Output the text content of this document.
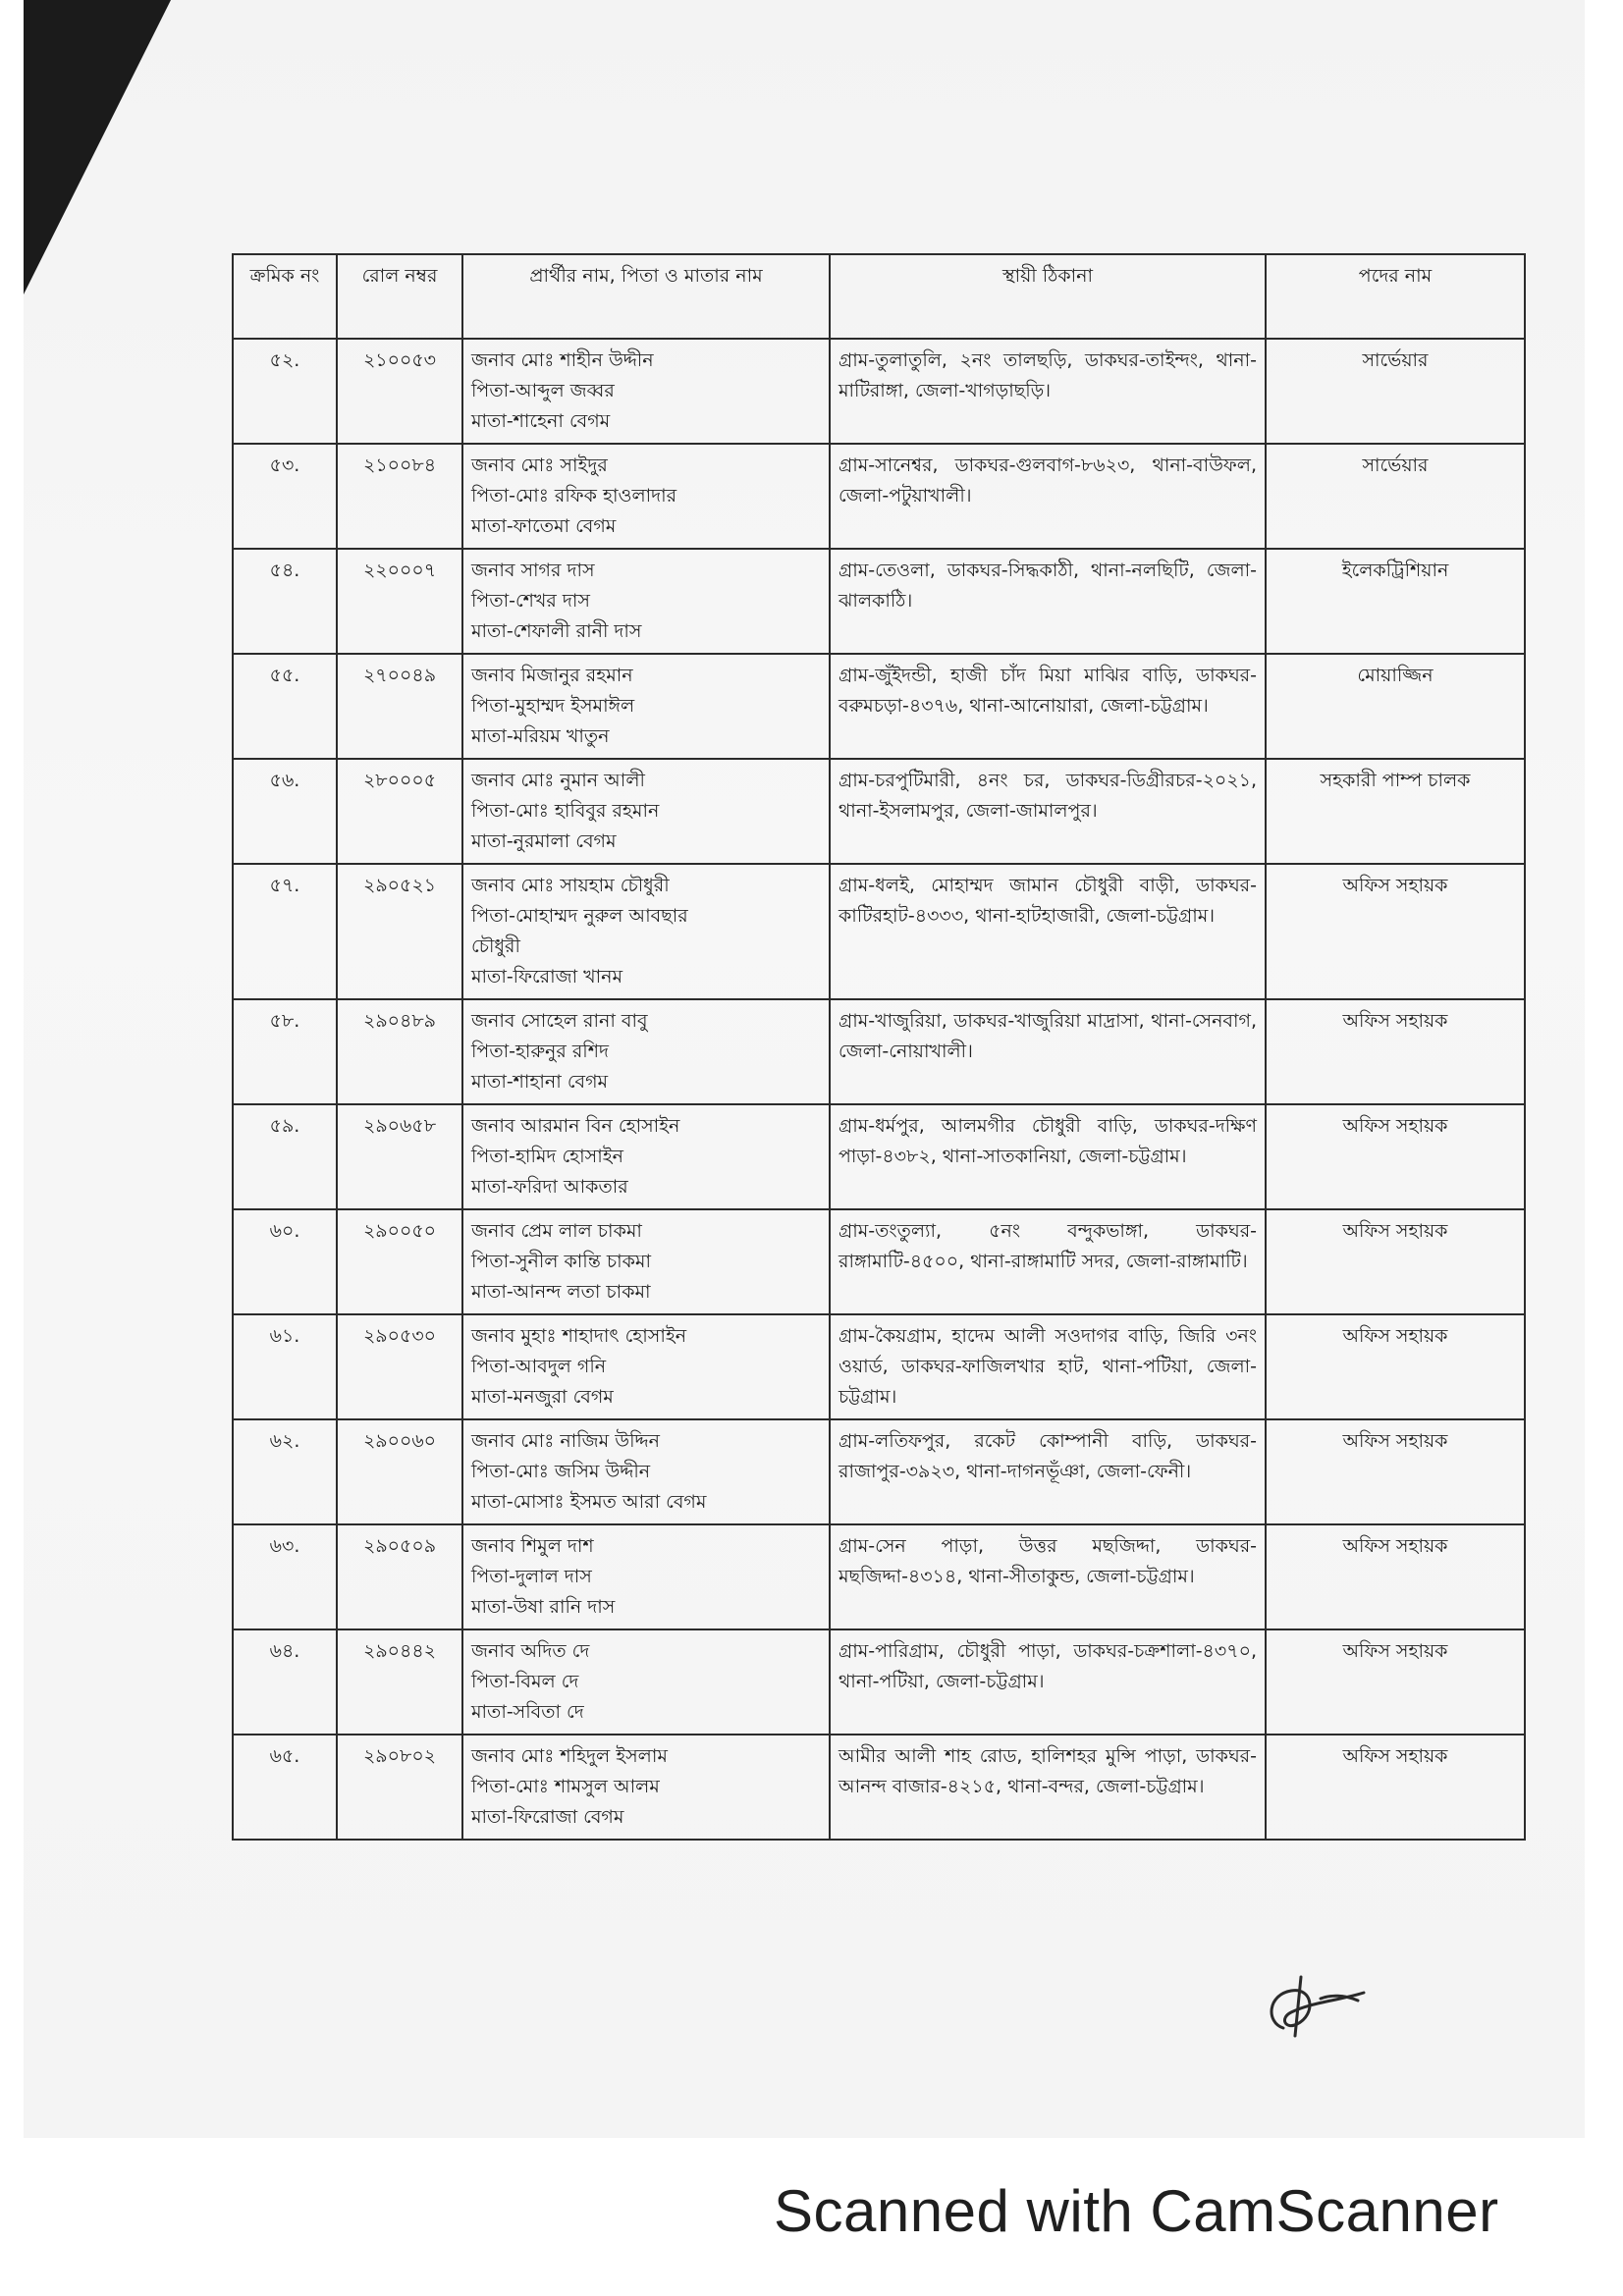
ক্রমিক নং	রোল নম্বর	প্রার্থীর নাম, পিতা ও মাতার নাম	স্থায়ী ঠিকানা	পদের নাম
৫২.	২১০০৫৩	জনাব মোঃ শাহীন উদ্দীন
পিতা-আব্দুল জব্বর
মাতা-শাহেনা বেগম	গ্রাম-তুলাতুলি, ২নং তালছড়ি, ডাকঘর-তাইন্দং, থানা-মাটিরাঙ্গা, জেলা-খাগড়াছড়ি।	সার্ভেয়ার
৫৩.	২১০০৮৪	জনাব মোঃ সাইদুর
পিতা-মোঃ রফিক হাওলাদার
মাতা-ফাতেমা বেগম	গ্রাম-সানেশ্বর, ডাকঘর-গুলবাগ-৮৬২৩, থানা-বাউফল, জেলা-পটুয়াখালী।	সার্ভেয়ার
৫৪.	২২০০০৭	জনাব সাগর দাস
পিতা-শেখর দাস
মাতা-শেফালী রানী দাস	গ্রাম-তেওলা, ডাকঘর-সিদ্ধকাঠী, থানা-নলছিটি, জেলা-ঝালকাঠি।	ইলেকট্রিশিয়ান
৫৫.	২৭০০৪৯	জনাব মিজানুর রহমান
পিতা-মুহাম্মদ ইসমাঈল
মাতা-মরিয়ম খাতুন	গ্রাম-জুঁইদন্ডী, হাজী চাঁদ মিয়া মাঝির বাড়ি, ডাকঘর-বরুমচড়া-৪৩৭৬, থানা-আনোয়ারা, জেলা-চট্টগ্রাম।	মোয়াজ্জিন
৫৬.	২৮০০০৫	জনাব মোঃ নুমান আলী
পিতা-মোঃ হাবিবুর রহমান
মাতা-নুরমালা বেগম	গ্রাম-চরপুটিমারী, ৪নং চর, ডাকঘর-ডিগ্রীরচর-২০২১, থানা-ইসলামপুর, জেলা-জামালপুর।	সহকারী পাম্প চালক
৫৭.	২৯০৫২১	জনাব মোঃ সায়হাম চৌধুরী
পিতা-মোহাম্মদ নুরুল আবছার
চৌধুরী
মাতা-ফিরোজা খানম	গ্রাম-ধলই, মোহাম্মদ জামান চৌধুরী বাড়ী, ডাকঘর-কাটিরহাট-৪৩৩৩, থানা-হাটহাজারী, জেলা-চট্টগ্রাম।	অফিস সহায়ক
৫৮.	২৯০৪৮৯	জনাব সোহেল রানা বাবু
পিতা-হারুনুর রশিদ
মাতা-শাহানা বেগম	গ্রাম-খাজুরিয়া, ডাকঘর-খাজুরিয়া মাদ্রাসা, থানা-সেনবাগ, জেলা-নোয়াখালী।	অফিস সহায়ক
৫৯.	২৯০৬৫৮	জনাব আরমান বিন হোসাইন
পিতা-হামিদ হোসাইন
মাতা-ফরিদা আকতার	গ্রাম-ধর্মপুর, আলমগীর চৌধুরী বাড়ি, ডাকঘর-দক্ষিণ পাড়া-৪৩৮২, থানা-সাতকানিয়া, জেলা-চট্টগ্রাম।	অফিস সহায়ক
৬০.	২৯০০৫০	জনাব প্রেম লাল চাকমা
পিতা-সুনীল কান্তি চাকমা
মাতা-আনন্দ লতা চাকমা	গ্রাম-তংতুল্যা, ৫নং বন্দুকভাঙ্গা, ডাকঘর-রাঙ্গামাটি-৪৫০০, থানা-রাঙ্গামাটি সদর, জেলা-রাঙ্গামাটি।	অফিস সহায়ক
৬১.	২৯০৫৩০	জনাব মুহাঃ শাহাদাৎ হোসাইন
পিতা-আবদুল গনি
মাতা-মনজুরা বেগম	গ্রাম-কৈয়গ্রাম, হাদেম আলী সওদাগর বাড়ি, জিরি ৩নং ওয়ার্ড, ডাকঘর-ফাজিলখার হাট, থানা-পটিয়া, জেলা-চট্টগ্রাম।	অফিস সহায়ক
৬২.	২৯০০৬০	জনাব মোঃ নাজিম উদ্দিন
পিতা-মোঃ জসিম উদ্দীন
মাতা-মোসাঃ ইসমত আরা বেগম	গ্রাম-লতিফপুর, রকেট কোম্পানী বাড়ি, ডাকঘর-রাজাপুর-৩৯২৩, থানা-দাগনভূঁঞা, জেলা-ফেনী।	অফিস সহায়ক
৬৩.	২৯০৫০৯	জনাব শিমুল দাশ
পিতা-দুলাল দাস
মাতা-উষা রানি দাস	গ্রাম-সেন পাড়া, উত্তর মছজিদ্দা, ডাকঘর-মছজিদ্দা-৪৩১৪, থানা-সীতাকুন্ড, জেলা-চট্টগ্রাম।	অফিস সহায়ক
৬৪.	২৯০৪৪২	জনাব অদিত দে
পিতা-বিমল দে
মাতা-সবিতা দে	গ্রাম-পারিগ্রাম, চৌধুরী পাড়া, ডাকঘর-চক্রশালা-৪৩৭০, থানা-পটিয়া, জেলা-চট্টগ্রাম।	অফিস সহায়ক
৬৫.	২৯০৮০২	জনাব মোঃ শহিদুল ইসলাম
পিতা-মোঃ শামসুল আলম
মাতা-ফিরোজা বেগম	আমীর আলী শাহ রোড, হালিশহর মুন্সি পাড়া, ডাকঘর-আনন্দ বাজার-৪২১৫, থানা-বন্দর, জেলা-চট্টগ্রাম।	অফিস সহায়ক
Scanned with CamScanner
